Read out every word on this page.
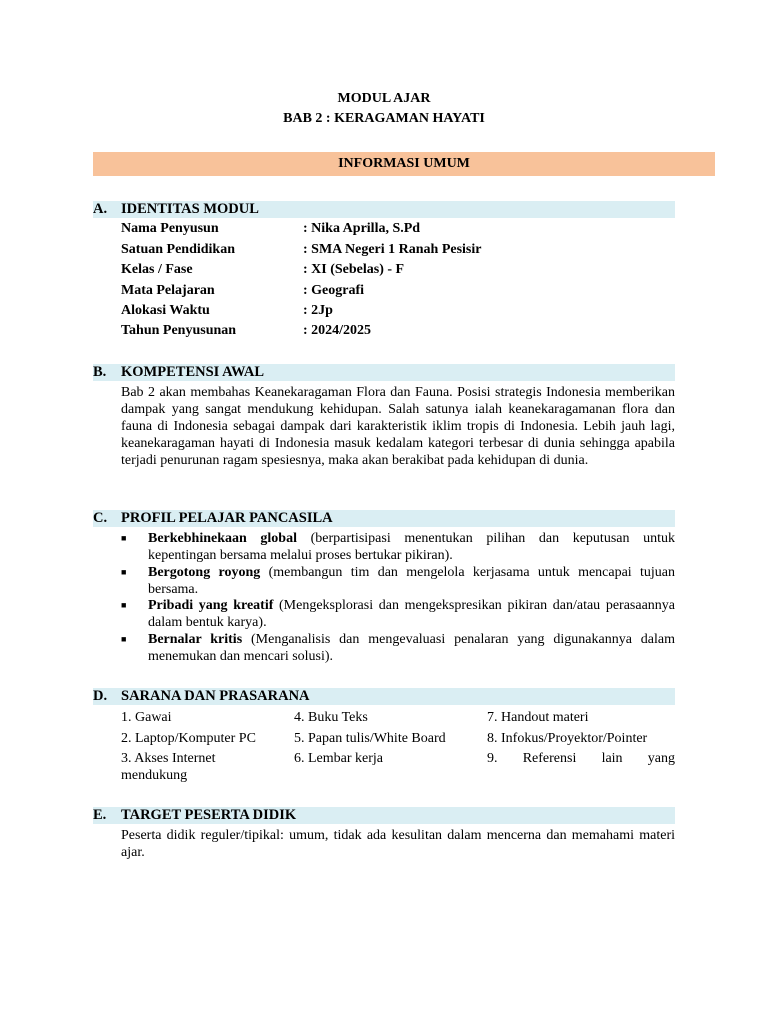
MODUL AJAR
BAB 2 : KERAGAMAN HAYATI
INFORMASI UMUM
A. IDENTITAS MODUL
Nama Penyusun	: Nika Aprilla, S.Pd
Satuan Pendidikan	: SMA Negeri 1 Ranah Pesisir
Kelas / Fase	: XI (Sebelas) - F
Mata Pelajaran	: Geografi
Alokasi Waktu	: 2Jp
Tahun Penyusunan	: 2024/2025
B. KOMPETENSI AWAL
Bab 2 akan membahas Keanekaragaman Flora dan Fauna. Posisi strategis Indonesia memberikan dampak yang sangat mendukung kehidupan. Salah satunya ialah keanekaragamanan flora dan fauna di Indonesia sebagai dampak dari karakteristik iklim tropis di Indonesia. Lebih jauh lagi, keanekaragaman hayati di Indonesia masuk kedalam kategori terbesar di dunia sehingga apabila terjadi penurunan ragam spesiesnya, maka akan berakibat pada kehidupan di dunia.
C. PROFIL PELAJAR PANCASILA
■ Berkebhinekaan global (berpartisipasi menentukan pilihan dan keputusan untuk kepentingan bersama melalui proses bertukar pikiran).
■ Bergotong royong (membangun tim dan mengelola kerjasama untuk mencapai tujuan bersama.
■ Pribadi yang kreatif (Mengeksplorasi dan mengekspresikan pikiran dan/atau perasaannya dalam bentuk karya).
■ Bernalar kritis (Menganalisis dan mengevaluasi penalaran yang digunakannya dalam menemukan dan mencari solusi).
D. SARANA DAN PRASARANA
1. Gawai
2. Laptop/Komputer PC
3. Akses Internet mendukung
4. Buku Teks
5. Papan tulis/White Board
6. Lembar kerja
7. Handout materi
8. Infokus/Proyektor/Pointer
9. Referensi lain yang
E. TARGET PESERTA DIDIK
Peserta didik reguler/tipikal: umum, tidak ada kesulitan dalam mencerna dan memahami materi ajar.
